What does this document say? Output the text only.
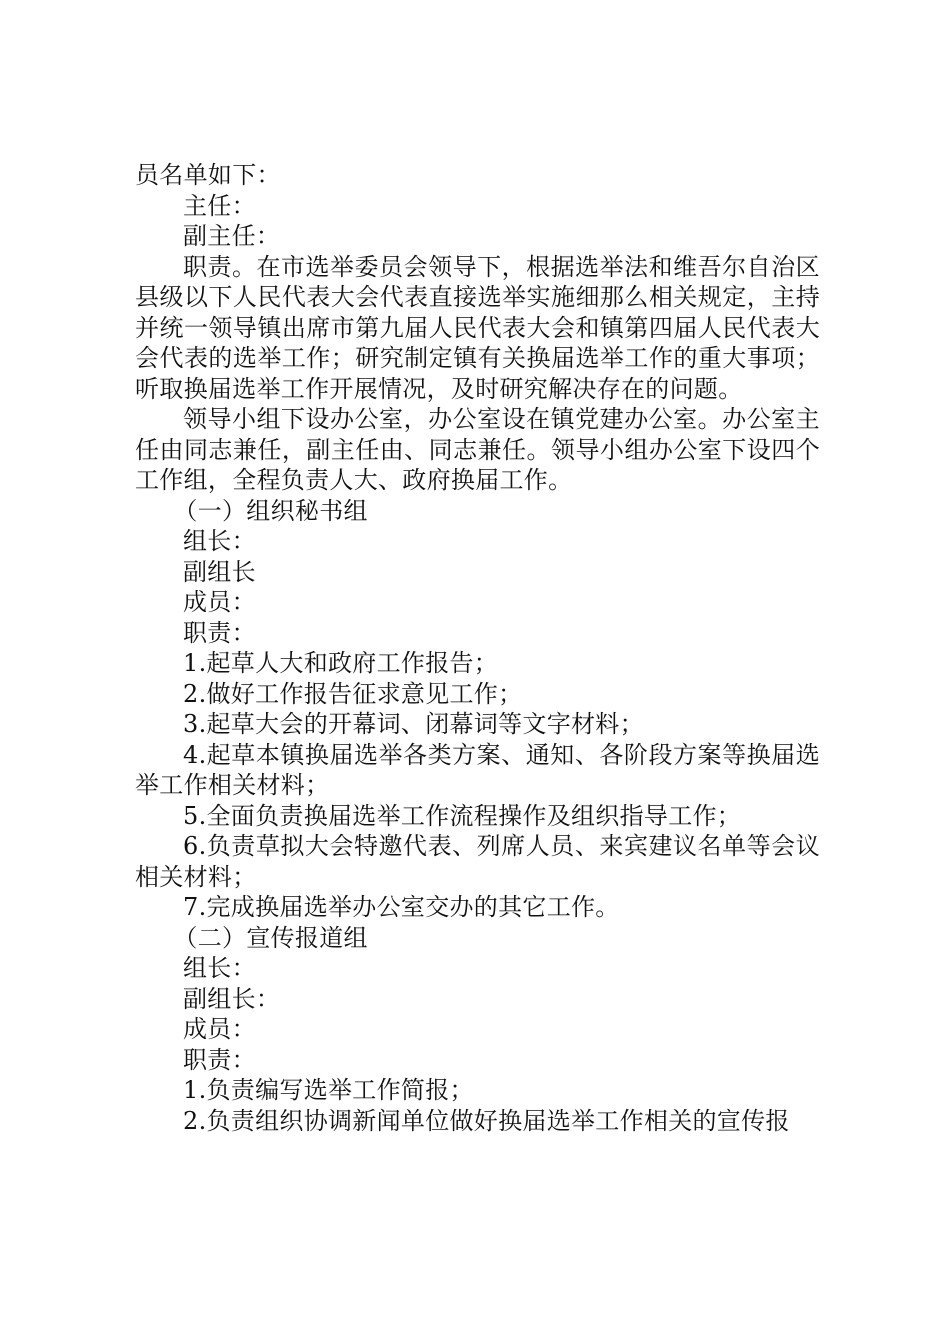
员名单如下：

主任：

副主任：

职责。在市选举委员会领导下，根据选举法和维吾尔自治区县级以下人民代表大会代表直接选举实施细那么相关规定，主持并统一领导镇出席市第九届人民代表大会和镇第四届人民代表大会代表的选举工作；研究制定镇有关换届选举工作的重大事项；听取换届选举工作开展情况，及时研究解决存在的问题。

领导小组下设办公室，办公室设在镇党建办公室。办公室主任由同志兼任，副主任由、同志兼任。领导小组办公室下设四个工作组，全程负责人大、政府换届工作。

（一）组织秘书组

组长：

副组长

成员：

职责：

1.起草人大和政府工作报告；

2.做好工作报告征求意见工作；

3.起草大会的开幕词、闭幕词等文字材料；

4.起草本镇换届选举各类方案、通知、各阶段方案等换届选举工作相关材料；

5.全面负责换届选举工作流程操作及组织指导工作；

6.负责草拟大会特邀代表、列席人员、来宾建议名单等会议相关材料；

7.完成换届选举办公室交办的其它工作。

（二）宣传报道组

组长：

副组长：

成员：

职责：

1.负责编写选举工作简报；

2.负责组织协调新闻单位做好换届选举工作相关的宣传报
